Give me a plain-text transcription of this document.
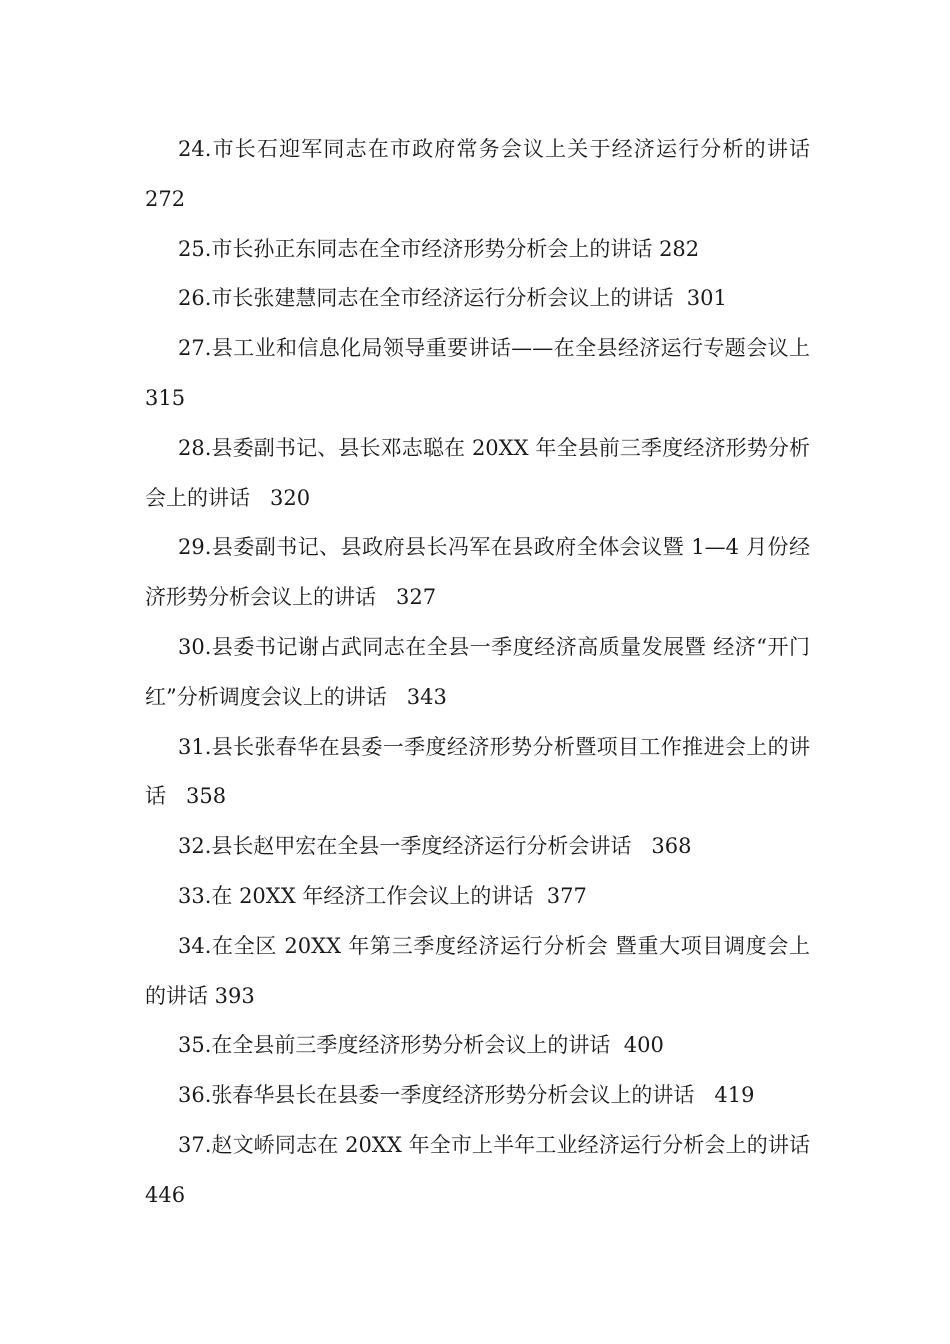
24.市长石迎军同志在市政府常务会议上关于经济运行分析的讲话 272

25.市长孙正东同志在全市经济形势分析会上的讲话 282

26.市长张建慧同志在全市经济运行分析会议上的讲话  301

27.县工业和信息化局领导重要讲话——在全县经济运行专题会议上  315

28.县委副书记、县长邓志聪在 20XX 年全县前三季度经济形势分析会上的讲话   320

29.县委副书记、县政府县长冯军在县政府全体会议暨 1—4 月份经济形势分析会议上的讲话   327

30.县委书记谢占武同志在全县一季度经济高质量发展暨 经济“开门红”分析调度会议上的讲话   343

31.县长张春华在县委一季度经济形势分析暨项目工作推进会上的讲话   358

32.县长赵甲宏在全县一季度经济运行分析会讲话   368

33.在 20XX 年经济工作会议上的讲话  377

34.在全区 20XX 年第三季度经济运行分析会 暨重大项目调度会上的讲话 393

35.在全县前三季度经济形势分析会议上的讲话  400

36.张春华县长在县委一季度经济形势分析会议上的讲话   419

37.赵文峤同志在 20XX 年全市上半年工业经济运行分析会上的讲话 446
